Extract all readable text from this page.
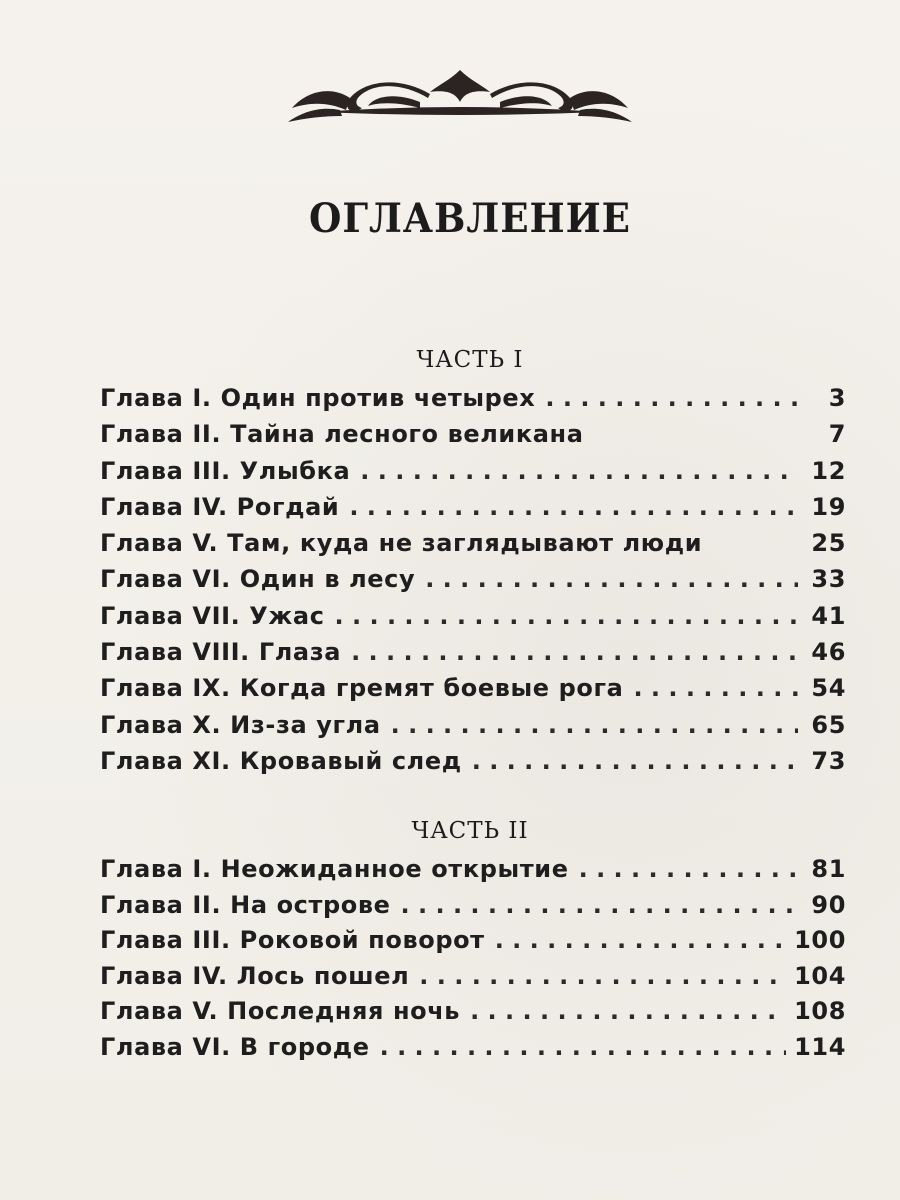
ОГЛАВЛЕНИЕ
ЧАСТЬ I
Глава I. Один против четырех . . .	3
Глава II. Тайна лесного великана	7
Глава III. Улыбка . . .	12
Глава IV. Рогдай . . .	19
Глава V. Там, куда не заглядывают люди	25
Глава VI. Один в лесу . . .	33
Глава VII. Ужас . . .	41
Глава VIII. Глаза . . .	46
Глава IX. Когда гремят боевые рога . . .	54
Глава X. Из-за угла . . .	65
Глава XI. Кровавый след . . .	73
ЧАСТЬ II
Глава I. Неожиданное открытие . . .	81
Глава II. На острове . . .	90
Глава III. Роковой поворот . . .	100
Глава IV. Лось пошел . . .	104
Глава V. Последняя ночь . . .	108
Глава VI. В городе . . .	114
